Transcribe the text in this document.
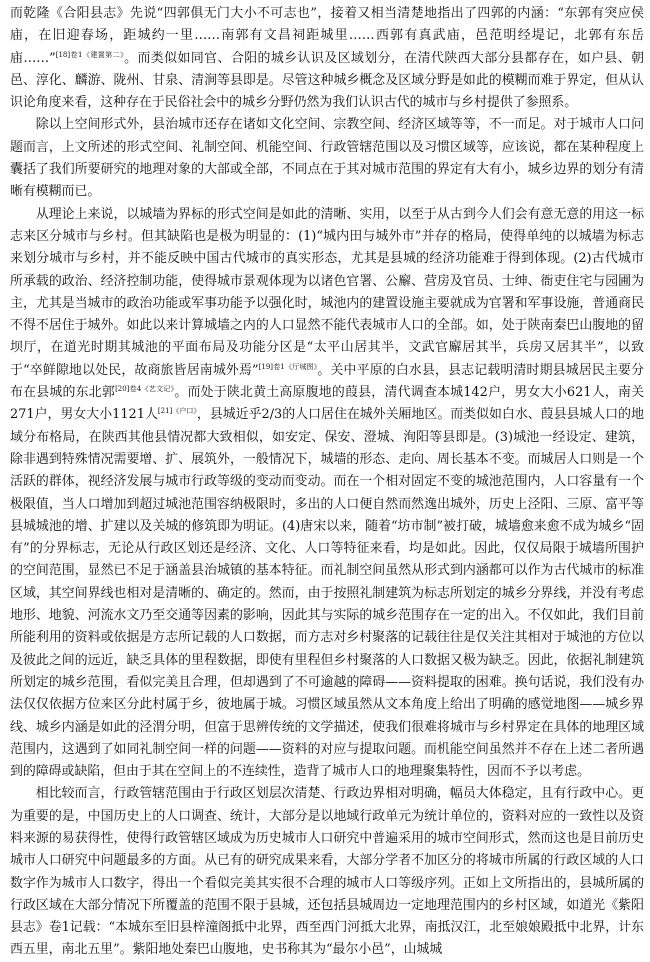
而乾隆《合阳县志》先说“四郭俱无门大小不可志也”，接着又相当清楚地指出了四郭的内涵：“东郭有突应侯庙，在旧迎春场，距城约一里……南郭有文昌祠距城里……西郭有真武庙，邑范明经堤记，北郭有东岳庙……”$^{[18]卷1《建置第二》}$。而类似如同官、合阳的城乡认识及区域划分，在清代陕西大部分县都存在，如户县、朝邑、淳化、麟游、陇州、甘泉、清涧等县即是。尽管这种城乡概念及区域分野是如此的模糊而难于界定，但从认识论角度来看，这种存在于民俗社会中的城乡分野仍然为我们认识古代的城市与乡村提供了参照系。

除以上空间形式外，县治城市还存在诸如文化空间、宗教空间、经济区域等等，不一而足。对于城市人口问题而言，上文所述的形式空间、礼制空间、机能空间、行政管辖范围以及习惯区域等，应该说，都在某种程度上囊括了我们所要研究的地理对象的大部或全部，不同点在于其对城市范围的界定有大有小，城乡边界的划分有清晰有模糊而已。

从理论上来说，以城墙为界标的形式空间是如此的清晰、实用，以至于从古到今人们会有意无意的用这一标志来区分城市与乡村。但其缺陷也是极为明显的：(1)“城内田与城外市”并存的格局，使得单纯的以城墙为标志来划分城市与乡村，并不能反映中国古代城市的真实形态，尤其是县城的经济功能难于得到体现。(2)古代城市所承载的政治、经济控制功能，使得城市景观体现为以诸色官署、公廨、营房及官员、士绅、衙吏住宅与园圃为主，尤其是当城市的政治功能或军事功能予以强化时，城池内的建置设施主要就成为官署和军事设施，普通商民不得不居住于城外。如此以来计算城墙之内的人口显然不能代表城市人口的全部。如，处于陕南秦巴山腹地的留坝厅，在道光时期其城池的平面布局及功能分区是“太平山居其半，文武官廨居其半，兵房又居其半”，以致于“卒鲜隙地以处民，故商旅皆居南城外焉”$^{[19]卷1《厅城图》}$。关中平原的白水县，县志记载明清时期县城居民主要分布在县城的东北郭$^{[20]卷4《艺文记》}$。而处于陕北黄土高原腹地的葭县，清代调查本城142户，男女大小621人，南关271户，男女大小1121人$^{[21]《户口》}$，县城近乎2/3的人口居住在城外关厢地区。而类似如白水、葭县县城人口的地域分布格局，在陕西其他县情况都大致相似，如安定、保安、澄城、洵阳等县即是。(3)城池一经设定、建筑，除非遇到特殊情况需要增、扩、展筑外，一般情况下，城墙的形态、走向、周长基本不变。而城居人口则是一个活跃的群体，视经济发展与城市行政等级的变动而变动。而在一个相对固定不变的城池范围内，人口容量有一个极限值，当人口增加到超过城池范围容纳极限时，多出的人口便自然而然逸出城外，历史上泾阳、三原、富平等县城城池的增、扩建以及关城的修筑即为明证。(4)唐宋以来，随着“坊市制”被打破，城墙愈来愈不成为城乡“固有”的分界标志，无论从行政区划还是经济、文化、人口等特征来看，均是如此。因此，仅仅局限于城墙所围护的空间范围，显然已不足于涵盖县治城镇的基本特征。而礼制空间虽然从形式到内涵都可以作为古代城市的标准区域，其空间界线也相对是清晰的、确定的。然而，由于按照礼制建筑为标志所划定的城乡分界线，并没有考虑地形、地貌、河流水文乃至交通等因素的影响，因此其与实际的城乡范围存在一定的出入。不仅如此，我们目前所能利用的资料或依据是方志所记载的人口数据，而方志对乡村聚落的记载往往是仅关注其相对于城池的方位以及彼此之间的远近，缺乏具体的里程数据，即使有里程但乡村聚落的人口数据又极为缺乏。因此，依据礼制建筑所划定的城乡范围，看似完美且合理，但却遇到了不可逾越的障碍——资料提取的困难。换句话说，我们没有办法仅仅依据方位来区分此村属于乡，彼地属于城。习惯区域虽然从文本角度上给出了明确的感觉地图——城乡界线、城乡内涵是如此的泾渭分明，但富于思辨传统的文学描述，使我们很难将城市与乡村界定在具体的地理区域范围内，这遇到了如同礼制空间一样的问题——资料的对应与提取问题。而机能空间虽然并不存在上述二者所遇到的障碍或缺陷，但由于其在空间上的不连续性，造背了城市人口的地理聚集特性，因而不予以考虑。

相比较而言，行政管辖范围由于行政区划层次清楚、行政边界相对明确，幅员大体稳定，且有行政中心。更为重要的是，中国历史上的人口调查、统计，大部分是以地域行政单元为统计单位的，资料对应的一致性以及资料来源的易获得性，使得行政管辖区域成为历史城市人口研究中普遍采用的城市空间形式，然而这也是目前历史城市人口研究中问题最多的方面。从已有的研究成果来看，大部分学者不加区分的将城市所属的行政区域的人口数字作为城市人口数字，得出一个看似完美其实很不合理的城市人口等级序列。正如上文所指出的，县城所属的行政区域在大部分情况下所覆盖的范围不限于县城，还包括县城周边一定地理范围内的乡村区域，如道光《紫阳县志》卷1记载：“本城东至旧县梓潼阁抵中北界，西至西门河抵大北界，南抵汉江，北至娘娘殿抵中北界，计东西五里，南北五里”。紫阳地处秦巴山腹地，史书称其为“最尔小邑”，山城城
